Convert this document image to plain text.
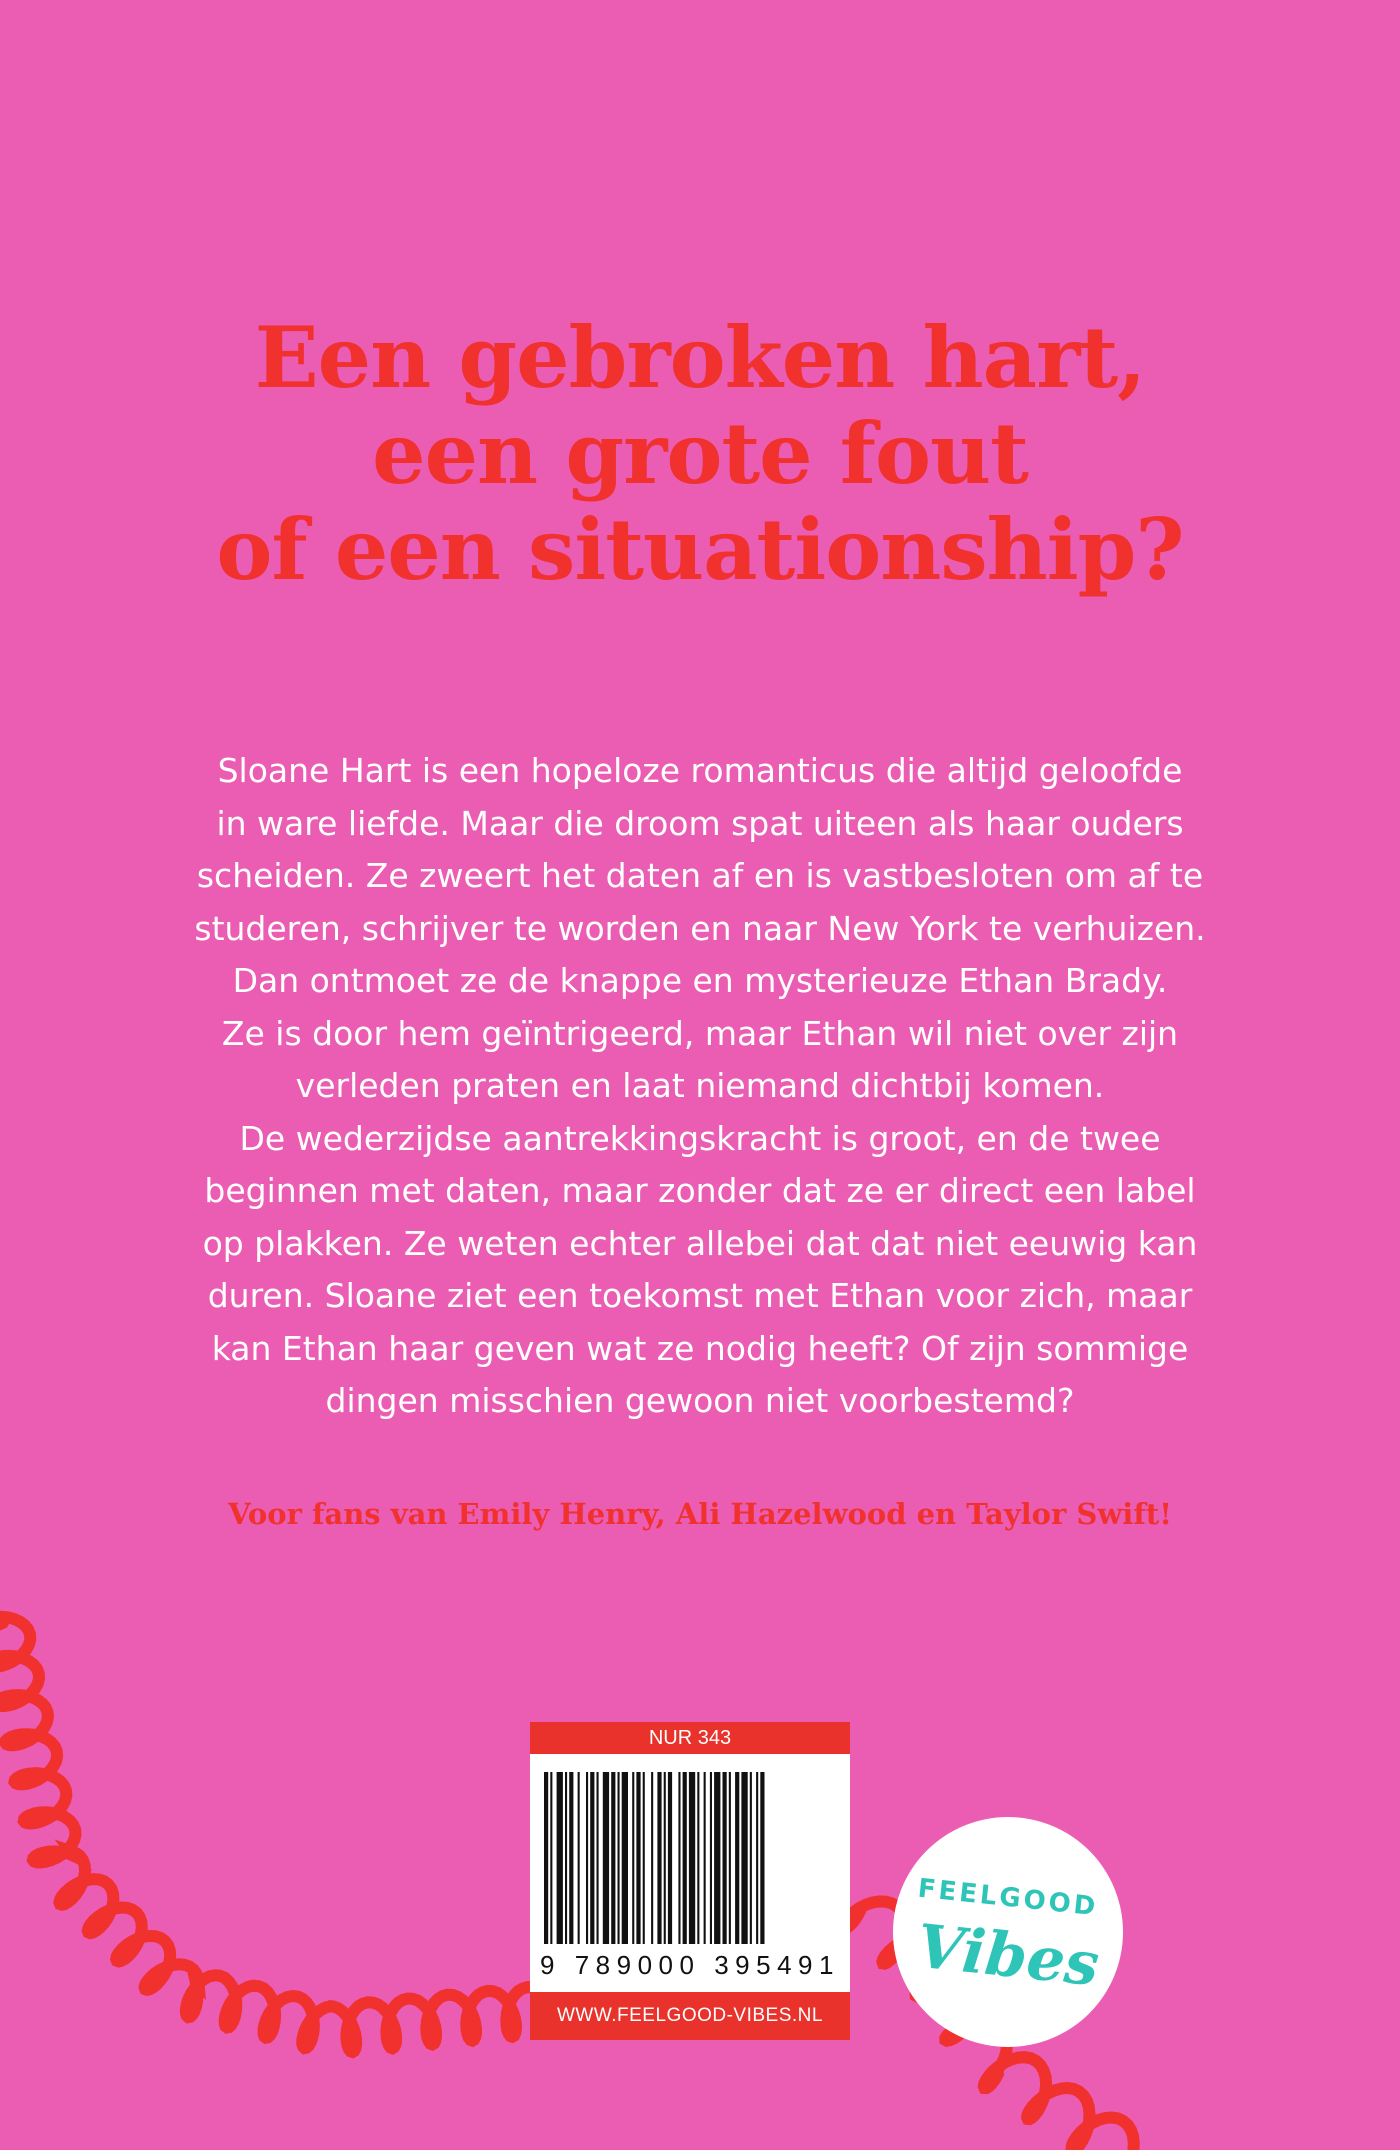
Een gebroken hart,
een grote fout
of een situationship?
Sloane Hart is een hopeloze romanticus die altijd geloofde
in ware liefde. Maar die droom spat uiteen als haar ouders
scheiden. Ze zweert het daten af en is vastbesloten om af te
studeren, schrijver te worden en naar New York te verhuizen.
Dan ontmoet ze de knappe en mysterieuze Ethan Brady.
Ze is door hem geïntrigeerd, maar Ethan wil niet over zijn
verleden praten en laat niemand dichtbij komen.
De wederzijdse aantrekkingskracht is groot, en de twee
beginnen met daten, maar zonder dat ze er direct een label
op plakken. Ze weten echter allebei dat dat niet eeuwig kan
duren. Sloane ziet een toekomst met Ethan voor zich, maar
kan Ethan haar geven wat ze nodig heeft? Of zijn sommige
dingen misschien gewoon niet voorbestemd?
Voor fans van Emily Henry, Ali Hazelwood en Taylor Swift!
NUR 343
9 789000 395491
WWW.FEELGOOD-VIBES.NL
FEELGOOD
Vibes
